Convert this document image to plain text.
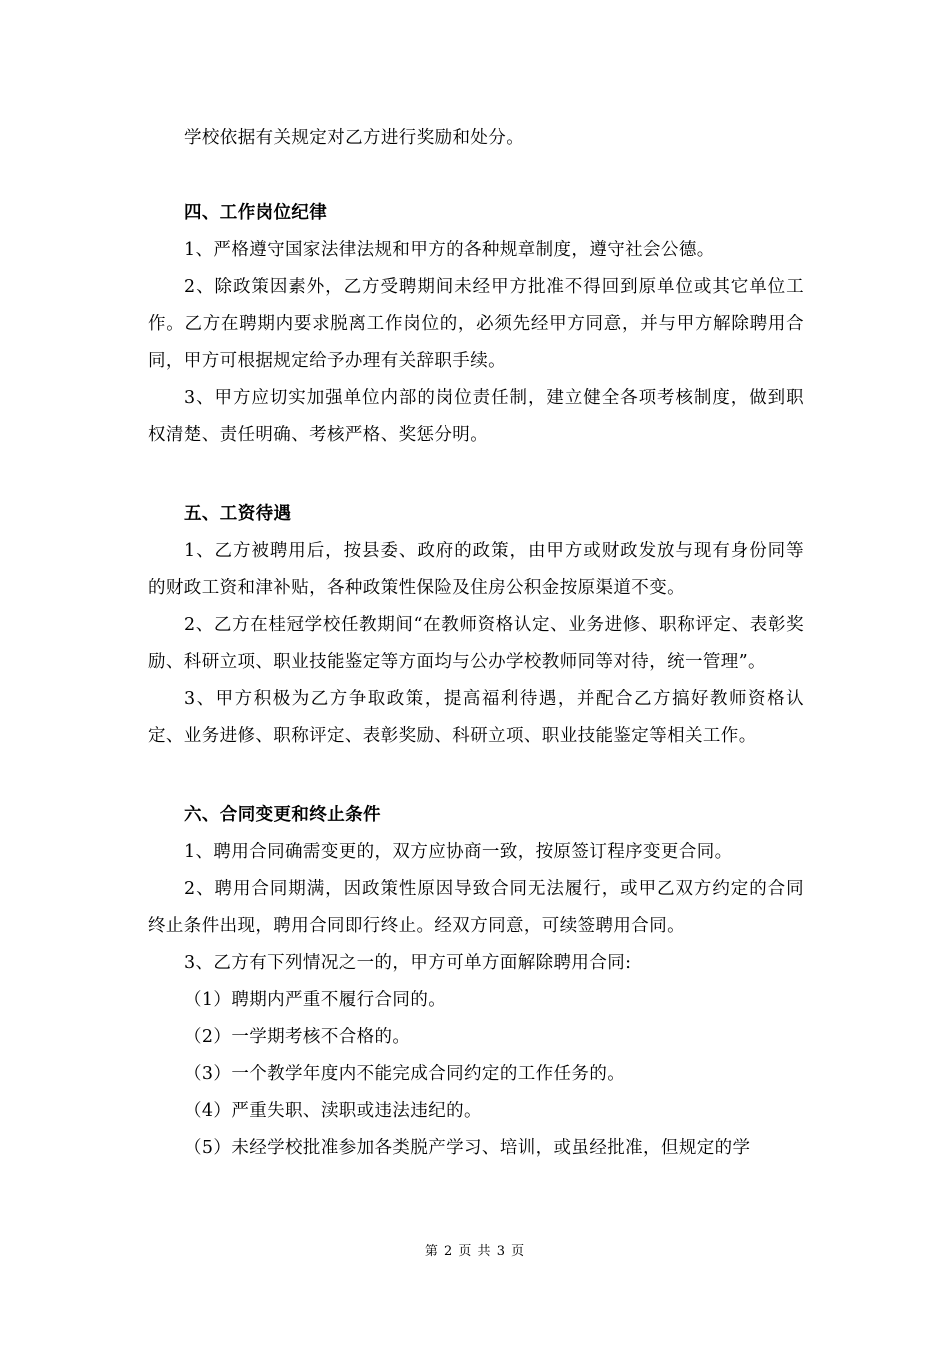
学校依据有关规定对乙方进行奖励和处分。

四、工作岗位纪律

1、严格遵守国家法律法规和甲方的各种规章制度，遵守社会公德。

2、除政策因素外，乙方受聘期间未经甲方批准不得回到原单位或其它单位工作。乙方在聘期内要求脱离工作岗位的，必须先经甲方同意，并与甲方解除聘用合同，甲方可根据规定给予办理有关辞职手续。

3、甲方应切实加强单位内部的岗位责任制，建立健全各项考核制度，做到职权清楚、责任明确、考核严格、奖惩分明。

五、工资待遇

1、乙方被聘用后，按县委、政府的政策，由甲方或财政发放与现有身份同等的财政工资和津补贴，各种政策性保险及住房公积金按原渠道不变。

2、乙方在桂冠学校任教期间“在教师资格认定、业务进修、职称评定、表彰奖励、科研立项、职业技能鉴定等方面均与公办学校教师同等对待，统一管理”。

3、甲方积极为乙方争取政策，提高福利待遇，并配合乙方搞好教师资格认定、业务进修、职称评定、表彰奖励、科研立项、职业技能鉴定等相关工作。

六、合同变更和终止条件

1、聘用合同确需变更的，双方应协商一致，按原签订程序变更合同。

2、聘用合同期满，因政策性原因导致合同无法履行，或甲乙双方约定的合同终止条件出现，聘用合同即行终止。经双方同意，可续签聘用合同。

3、乙方有下列情况之一的，甲方可单方面解除聘用合同:

（1）聘期内严重不履行合同的。

（2）一学期考核不合格的。

（3）一个教学年度内不能完成合同约定的工作任务的。

（4）严重失职、渎职或违法违纪的。

（5）未经学校批准参加各类脱产学习、培训，或虽经批准，但规定的学

第 2 页 共 3 页
